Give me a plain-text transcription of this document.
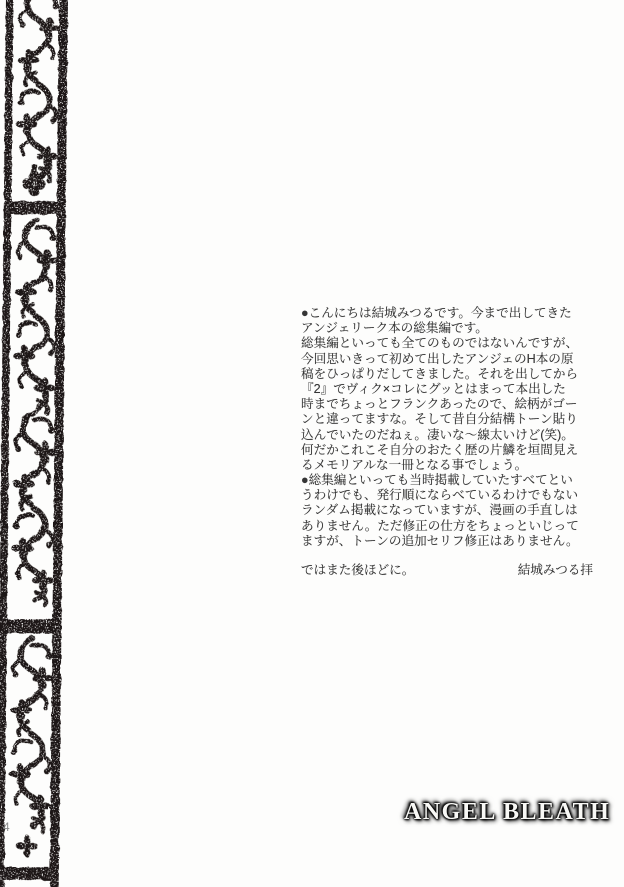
4
●こんにちは結城みつるです。今まで出してきた
アンジェリーク本の総集編です。
総集編といっても全てのものではないんですが、
今回思いきって初めて出したアンジェのH本の原
稿をひっぱりだしてきました。それを出してから
『2』でヴィク×コレにグッとはまって本出した
時までちょっとフランクあったので、絵柄がゴー
ンと違ってますな。そして昔自分結構トーン貼り
込んでいたのだねぇ。凄いな～線太いけど(笑)。
何だかこれこそ自分のおたく歴の片鱗を垣間見え
るメモリアルな一冊となる事でしょう。
●総集編といっても当時掲載していたすべてとい
うわけでも、発行順にならべているわけでもない
ランダム掲載になっていますが、漫画の手直しは
ありません。ただ修正の仕方をちょっといじって
ますが、トーンの追加セリフ修正はありません。
ではまた後ほどに。	結城みつる拝
ANGEL BLEATH
